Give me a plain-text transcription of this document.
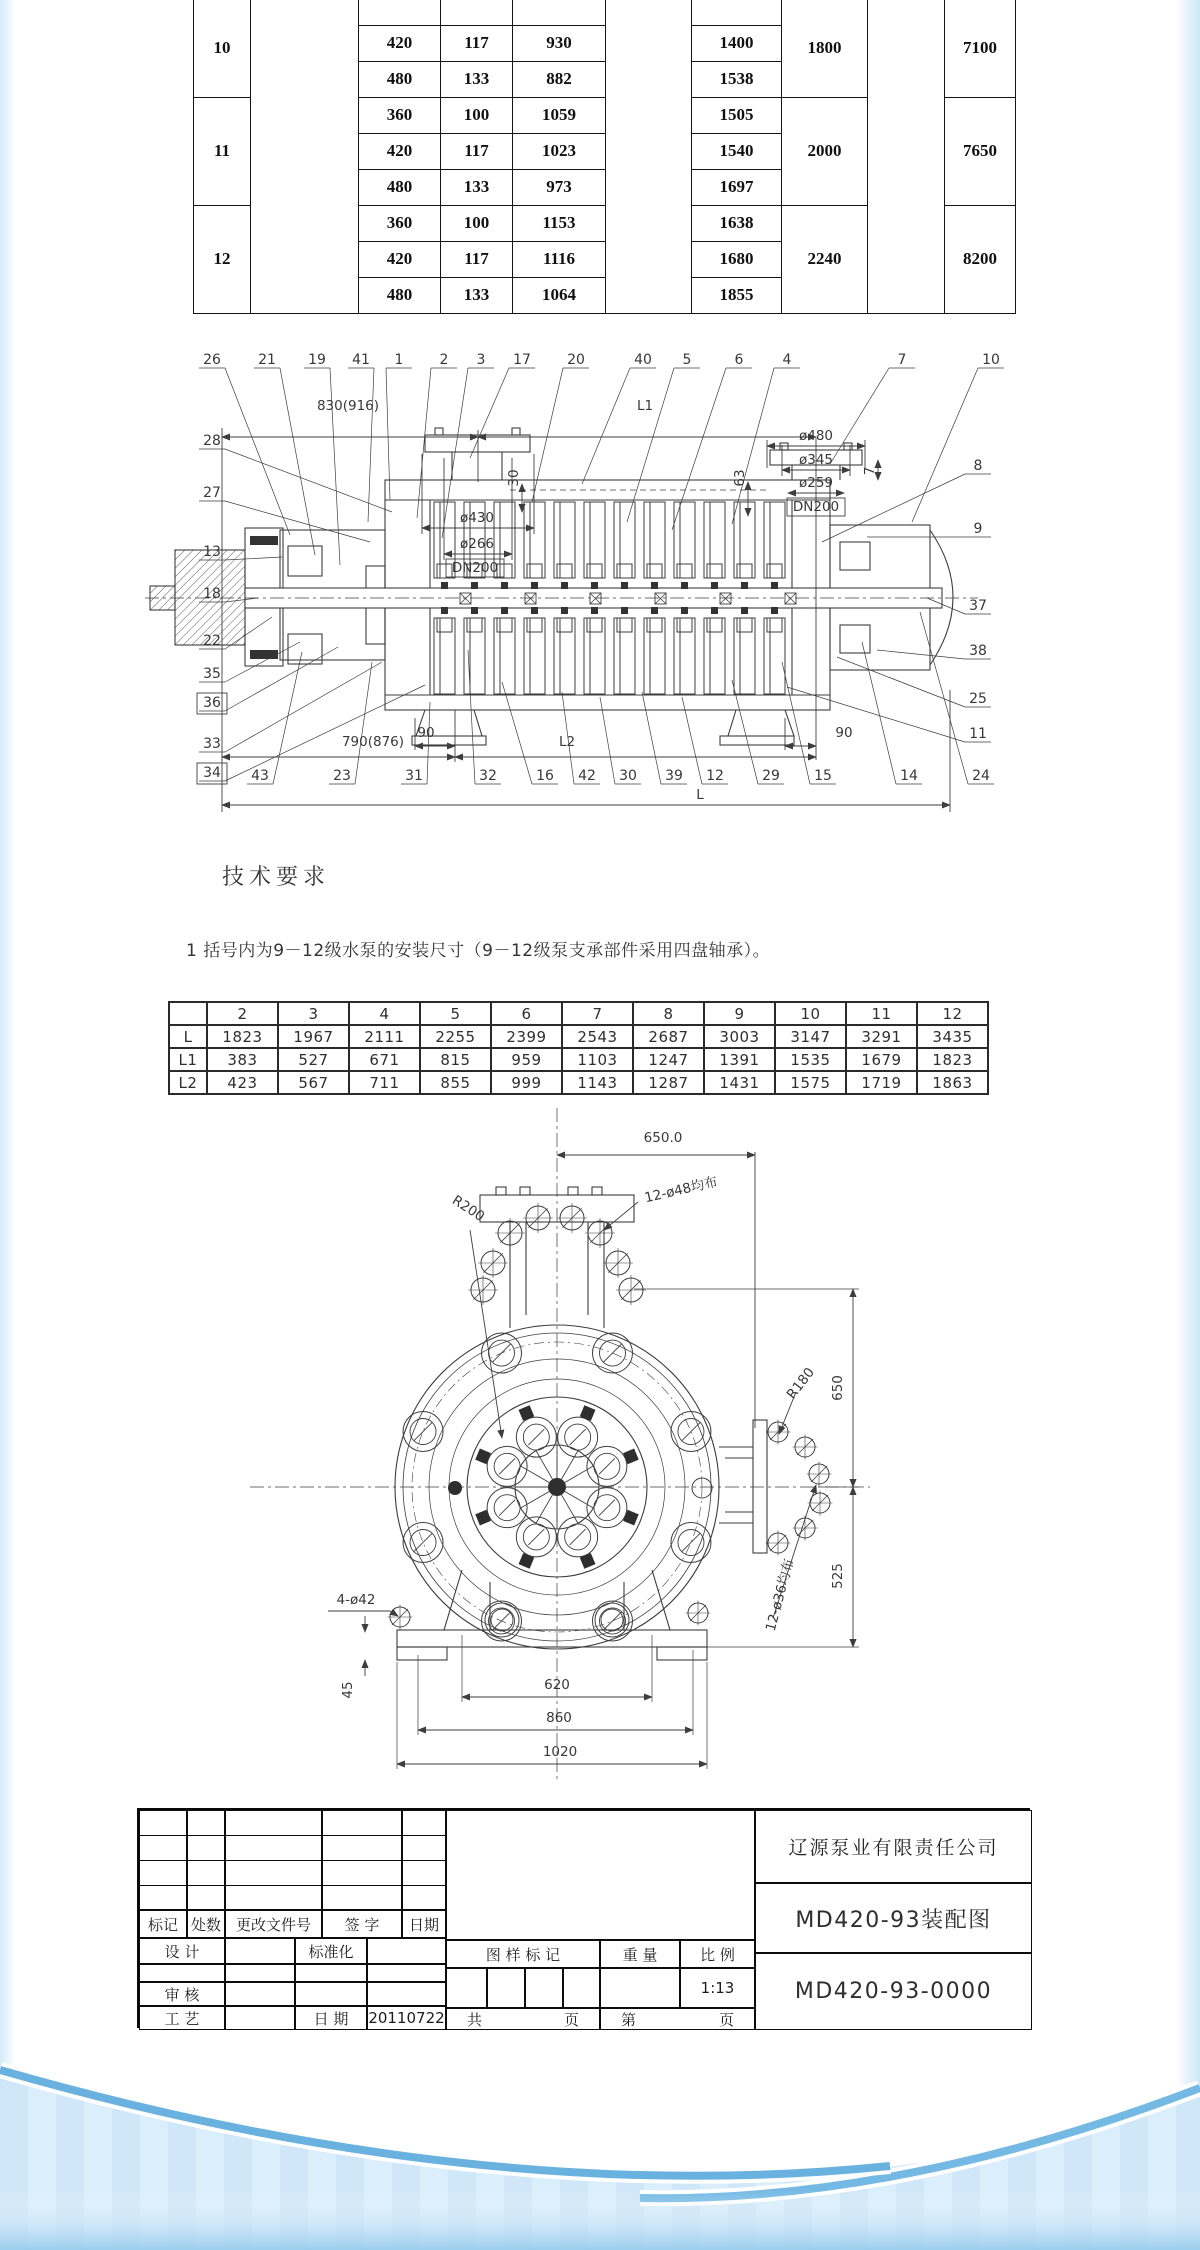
10							1800		7100
		420	117	930		1400			
		480	133	882		1538			
11		360	100	1059		1505	2000		7650
		420	117	1023		1540			
		480	133	973		1697			
12		360	100	1153		1638	2240		8200
		420	117	1116		1680			
		480	133	1064		1855			
26	21 19 41 1	2 3 17	20	40 5	6	4	7	10
28
27
13
18
22
35
36
33
34 43	23	31	32	16 42 30 39 12	29 15	14	24
8
9
37
38
25
11
830(916)	L1
ø430
ø266
DN200
30
ø480
ø345
ø259
DN200
63	7
790(876)
90	90
L2
L
技术要求
1 括号内为9－12级水泵的安装尺寸（9－12级泵支承部件采用四盘轴承）。
	2	3	4	5	6	7	8	9	10	11	12
L	1823	1967	2111	2255	2399	2543	2687	3003	3147	3291	3435
L1	383	527	671	815	959	1103	1247	1391	1535	1679	1823
L2	423	567	711	855	999	1143	1287	1431	1575	1719	1863
650.0
R200
12-ø48均布
R180 650
525
12-ø36均布
4-ø42
45	620
860
1020
标记 处数 更改文件号	签 字	日期
设 计	标准化
审 核
工 艺	日 期	20110722
图 样 标 记	重 量	比 例
1:13
共	页	第	页
辽源泵业有限责任公司
MD420-93装配图
MD420-93-0000
